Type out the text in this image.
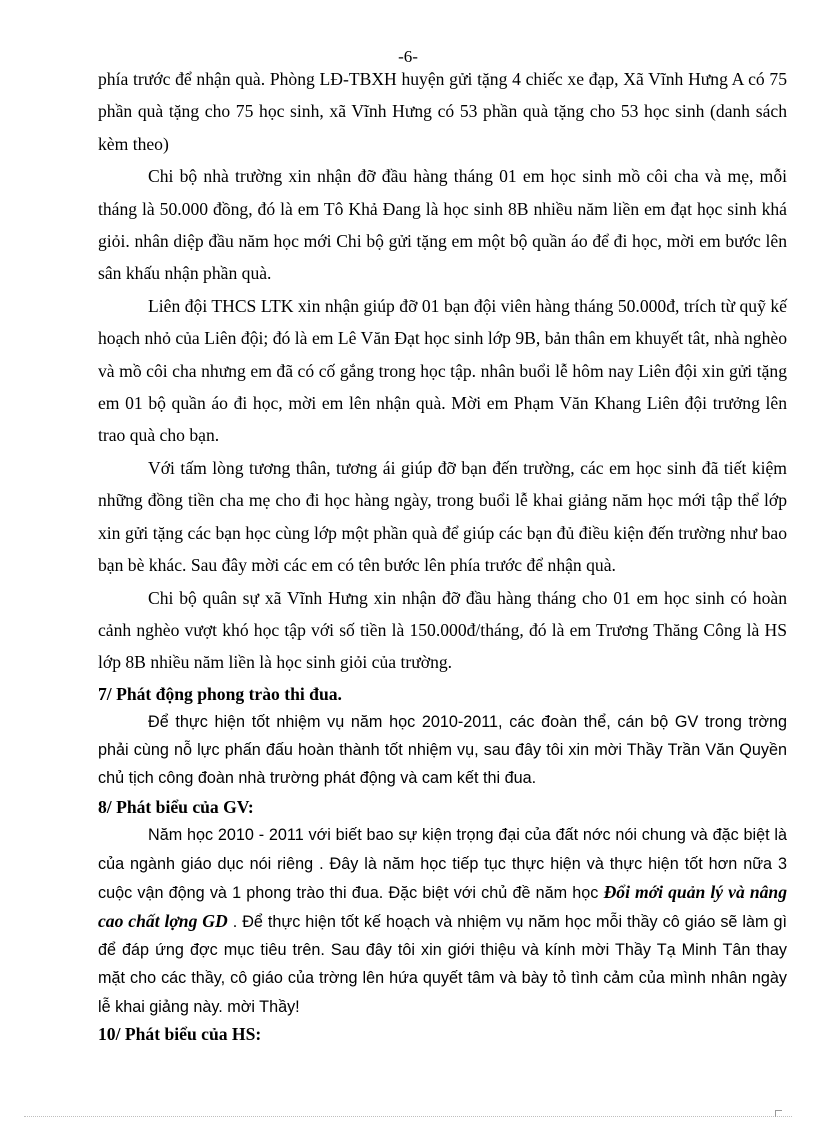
-6-

phía trước để nhận quà. Phòng LĐ-TBXH huyện gửi tặng 4 chiếc xe đạp, Xã Vĩnh Hưng A có 75 phần quà tặng cho 75 học sinh, xã Vĩnh Hưng có 53 phần quà tặng cho 53 học sinh (danh sách kèm theo)

Chi bộ nhà trường xin nhận đỡ đầu hàng tháng 01 em học sinh mồ côi cha và mẹ, mỗi tháng là 50.000 đồng, đó là em Tô Khả Đang là học sinh 8B nhiều năm liền em đạt học sinh khá giỏi. nhân diệp đầu năm học mới Chi bộ gửi tặng em một bộ quần áo để đi học, mời em bước lên sân khấu nhận phần quà.

Liên đội THCS LTK xin nhận giúp đỡ 01 bạn đội viên hàng tháng 50.000đ, trích từ quỹ kế hoạch nhỏ của Liên đội; đó là em Lê Văn Đạt học sinh lớp 9B, bản thân em khuyết tât, nhà nghèo và mồ côi cha nhưng em đã có cố gắng trong học tập. nhân buổi lễ hôm nay Liên đội xin gửi tặng em 01 bộ quần áo đi học, mời em lên nhận quà. Mời em Phạm Văn Khang Liên đội trưởng lên trao quà cho bạn.

Với tấm lòng tương thân, tương ái giúp đỡ bạn đến trường, các em học sinh đã tiết kiệm những đồng tiền cha mẹ cho đi học hàng ngày, trong buổi lễ khai giảng năm học mới tập thể lớp xin gửi tặng các bạn học cùng lớp một phần quà để giúp các bạn đủ điều kiện đến trường như bao bạn bè khác. Sau đây mời các em có tên bước lên phía trước để nhận quà.

Chi bộ quân sự xã Vĩnh Hưng xin nhận đỡ đầu hàng tháng cho 01 em học sinh có hoàn cảnh nghèo vượt khó học tập với số tiền là 150.000đ/tháng, đó là em Trương Thăng Công là HS lớp 8B nhiều năm liền là học sinh giỏi của trường.

7/ Phát động phong trào thi đua.

Để thực hiện tốt nhiệm vụ năm học 2010-2011, các đoàn thể, cán bộ GV trong trờng phải cùng nỗ lực phấn đấu hoàn thành tốt nhiệm vụ, sau đây tôi xin mời Thầy Trần Văn Quyền chủ tịch công đoàn nhà trường phát động và cam kết thi đua.

8/ Phát biểu của GV:

Năm học 2010 - 2011 với biết bao sự kiện trọng đại của đất nớc nói chung và đặc biệt là của ngành giáo dục nói riêng . Đây là năm học tiếp tục thực hiện và thực hiện tốt hơn nữa 3 cuộc vận động và 1 phong trào thi đua. Đặc biệt với chủ đề năm học Đổi mới quản lý và nâng cao chất lợng GD . Để thực hiện tốt kế hoạch và nhiệm vụ năm học mỗi thầy cô giáo sẽ làm gì để đáp ứng đợc mục tiêu trên. Sau đây tôi xin giới thiệu và kính mời Thầy Tạ Minh Tân thay mặt cho các thầy, cô giáo của trờng lên hứa quyết tâm và bày tỏ tình cảm của mình nhân ngày lễ khai giảng này. mời Thầy!

10/ Phát biểu của HS:
